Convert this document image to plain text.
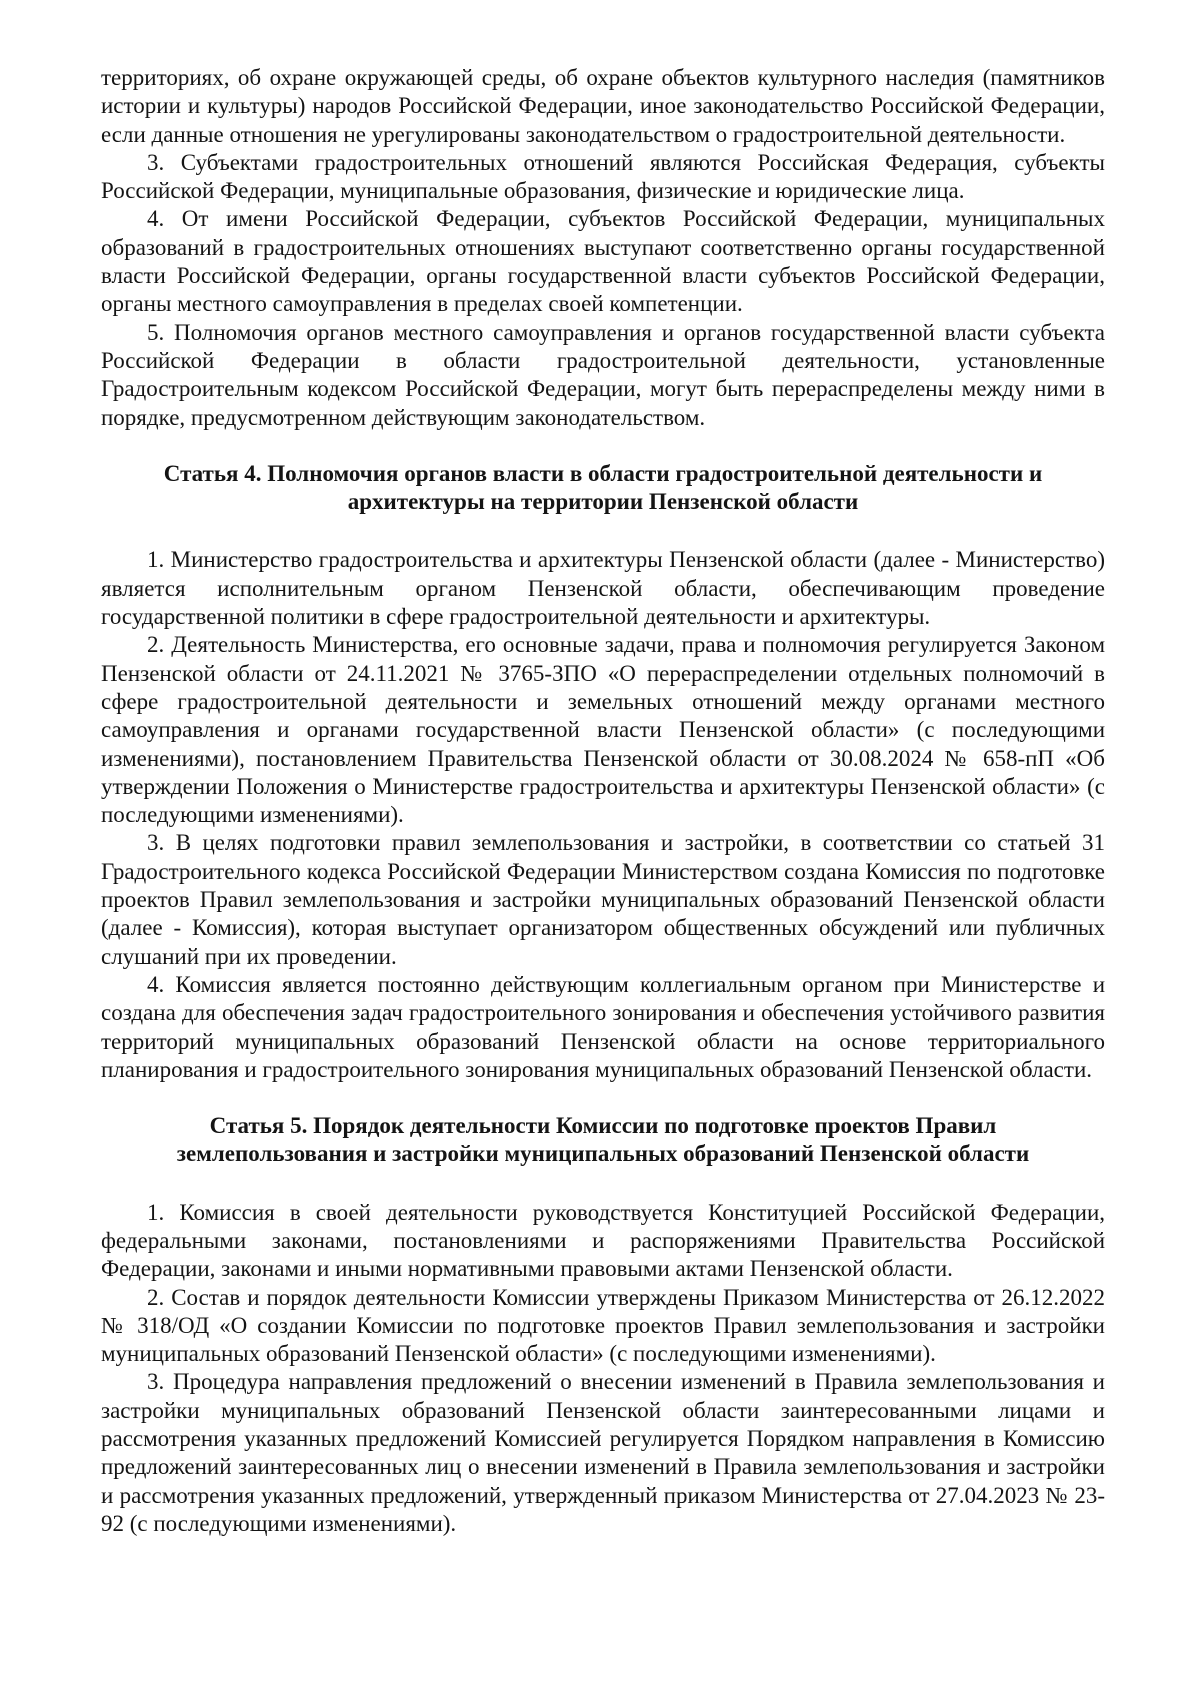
территориях, об охране окружающей среды, об охране объектов культурного наследия (памятников истории и культуры) народов Российской Федерации, иное законодательство Российской Федерации, если данные отношения не урегулированы законодательством о градостроительной деятельности.

3. Субъектами градостроительных отношений являются Российская Федерация, субъекты Российской Федерации, муниципальные образования, физические и юридические лица.

4. От имени Российской Федерации, субъектов Российской Федерации, муниципальных образований в градостроительных отношениях выступают соответственно органы государственной власти Российской Федерации, органы государственной власти субъектов Российской Федерации, органы местного самоуправления в пределах своей компетенции.

5. Полномочия органов местного самоуправления и органов государственной власти субъекта Российской Федерации в области градостроительной деятельности, установленные Градостроительным кодексом Российской Федерации, могут быть перераспределены между ними в порядке, предусмотренном действующим законодательством.

Статья 4. Полномочия органов власти в области градостроительной деятельности и
архитектуры на территории Пензенской области

1. Министерство градостроительства и архитектуры Пензенской области (далее - Министерство) является исполнительным органом Пензенской области, обеспечивающим проведение государственной политики в сфере градостроительной деятельности и архитектуры.

2. Деятельность Министерства, его основные задачи, права и полномочия регулируется Законом Пензенской области от 24.11.2021 № 3765-ЗПО «О перераспределении отдельных полномочий в сфере градостроительной деятельности и земельных отношений между органами местного самоуправления и органами государственной власти Пензенской области» (с последующими изменениями), постановлением Правительства Пензенской области от 30.08.2024 № 658-пП «Об утверждении Положения о Министерстве градостроительства и архитектуры Пензенской области» (с последующими изменениями).

3. В целях подготовки правил землепользования и застройки, в соответствии со статьей 31 Градостроительного кодекса Российской Федерации Министерством создана Комиссия по подготовке проектов Правил землепользования и застройки муниципальных образований Пензенской области (далее - Комиссия), которая выступает организатором общественных обсуждений или публичных слушаний при их проведении.

4. Комиссия является постоянно действующим коллегиальным органом при Министерстве и создана для обеспечения задач градостроительного зонирования и обеспечения устойчивого развития территорий муниципальных образований Пензенской области на основе территориального планирования и градостроительного зонирования муниципальных образований Пензенской области.

Статья 5. Порядок деятельности Комиссии по подготовке проектов Правил
землепользования и застройки муниципальных образований Пензенской области

1. Комиссия в своей деятельности руководствуется Конституцией Российской Федерации, федеральными законами, постановлениями и распоряжениями Правительства Российской Федерации, законами и иными нормативными правовыми актами Пензенской области.

2. Состав и порядок деятельности Комиссии утверждены Приказом Министерства от 26.12.2022 № 318/ОД «О создании Комиссии по подготовке проектов Правил землепользования и застройки муниципальных образований Пензенской области» (с последующими изменениями).

3. Процедура направления предложений о внесении изменений в Правила землепользования и застройки муниципальных образований Пензенской области заинтересованными лицами и рассмотрения указанных предложений Комиссией регулируется Порядком направления в Комиссию предложений заинтересованных лиц о внесении изменений в Правила землепользования и застройки и рассмотрения указанных предложений, утвержденный приказом Министерства от 27.04.2023 № 23-92 (с последующими изменениями).
